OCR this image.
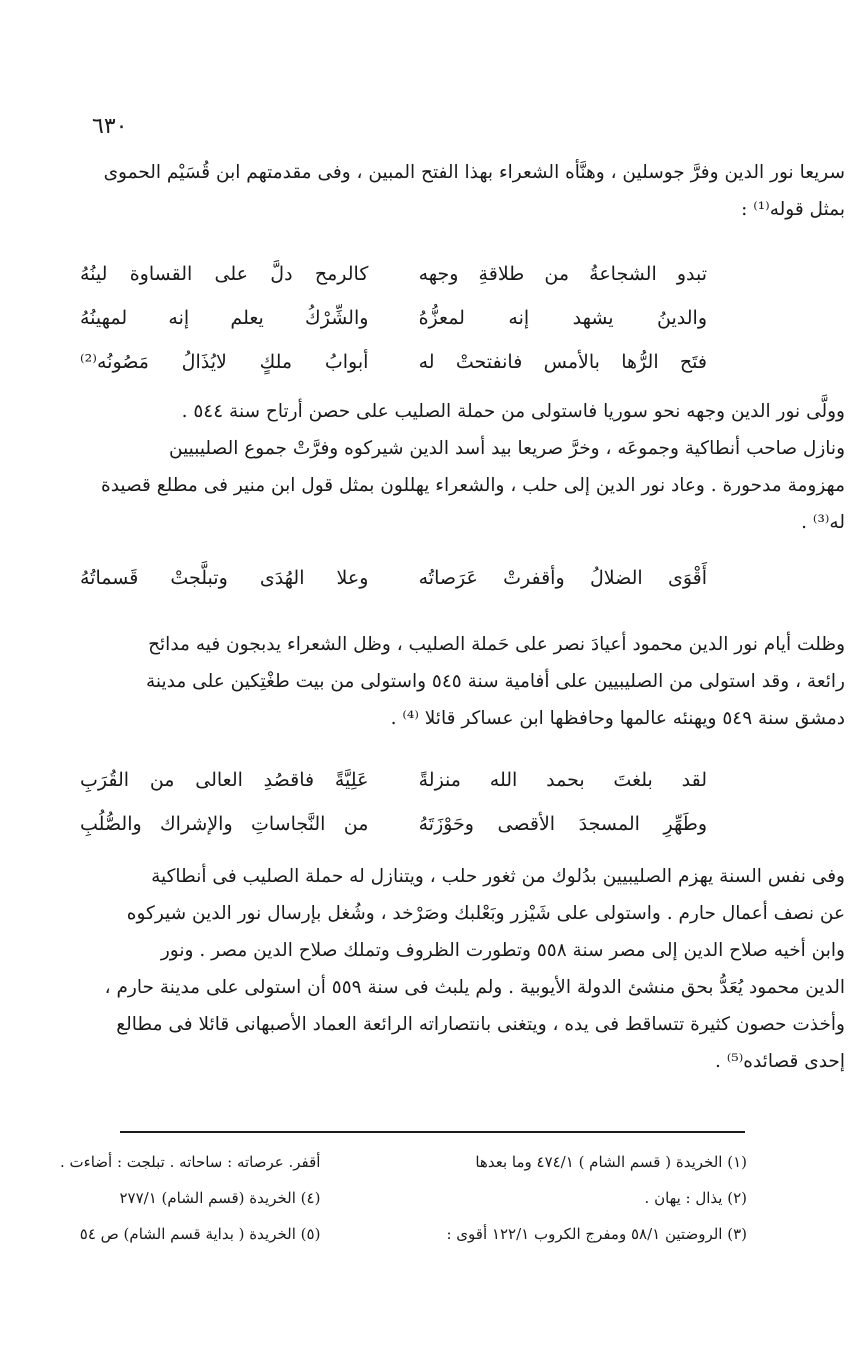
٦٣٠

سريعا نور الدين وفرَّ جوسلين ، وهنَّأه الشعراء بهذا الفتح المبين ، وفى مقدمتهم ابن قُسَيْم الحموى

بمثل قوله⁽¹⁾ :

تبدو الشجاعةُ من طلاقةِ وجهه
كالرمح دلَّ على القساوة لينُهُ
والدينُ يشهد إنه لمعزُّهُ
والشِّرْكُ يعلم إنه لمهينُهُ
فتَح الرُّها بالأمس فانفتحتْ له
أبوابُ ملكٍ لايُذَالُ مَصُونُه⁽²⁾

وولَّى نور الدين وجهه نحو سوريا فاستولى من حملة الصليب على حصن أرتاح سنة ٥٤٤ .

ونازل صاحب أنطاكية وجموعَه ، وخرَّ صريعا بيد أسد الدين شيركوه وفرَّتْ جموع الصليبيين

مهزومة مدحورة . وعاد نور الدين إلى حلب ، والشعراء يهللون بمثل قول ابن منير فى مطلع قصيدة

له⁽³⁾ .

أَقْوَى الضلالُ وأقفرتْ عَرَصاتُه
وعلا الهُدَى وتبلَّجتْ قَسماتُهُ

وظلت أيام نور الدين محمود أعيادَ نصر على حَملة الصليب ، وظل الشعراء يدبجون فيه مدائح

رائعة ، وقد استولى من الصليبيين على أفامية سنة ٥٤٥ واستولى من بيت طغْتِكين على مدينة

دمشق سنة ٥٤٩ ويهنئه عالمها وحافظها ابن عساكر قائلا ⁽⁴⁾ .

لقد بلغتَ بحمد الله منزلةً
عَلِيَّةً فاقصُدِ العالى من القُرَبِ
وطَهِّرِ المسجدَ الأقصى وحَوْزَتَهُ
من النَّجاساتِ والإشراك والصُّلُبِ

وفى نفس السنة يهزم الصليبيين بدُلوك من ثغور حلب ، ويتنازل له حملة الصليب فى أنطاكية

عن نصف أعمال حارم . واستولى على شَيْزر وبَعْلبك وصَرْخد ، وشُغل بإرسال نور الدين شيركوه

وابن أخيه صلاح الدين إلى مصر سنة ٥٥٨ وتطورت الظروف وتملك صلاح الدين مصر . ونور

الدين محمود يُعَدُّ بحق منشئ الدولة الأيوبية . ولم يلبث فى سنة ٥٥٩ أن استولى على مدينة حارم ،

وأخذت حصون كثيرة تتساقط فى يده ، ويتغنى بانتصاراته الرائعة العماد الأصبهانى قائلا فى مطالع

إحدى قصائده⁽⁵⁾ .

(١) الخريدة ( قسم الشام ) ٤٧٤/١ وما بعدها
(٢) يذال : يهان .
(٣) الروضتين ٥٨/١ ومفرج الكروب ١٢٢/١ أقوى :
أقفر. عرصاته : ساحاته . تبلجت : أضاءت .
(٤) الخريدة (قسم الشام) ٢٧٧/١
(٥) الخريدة ( بداية قسم الشام) ص ٥٤
